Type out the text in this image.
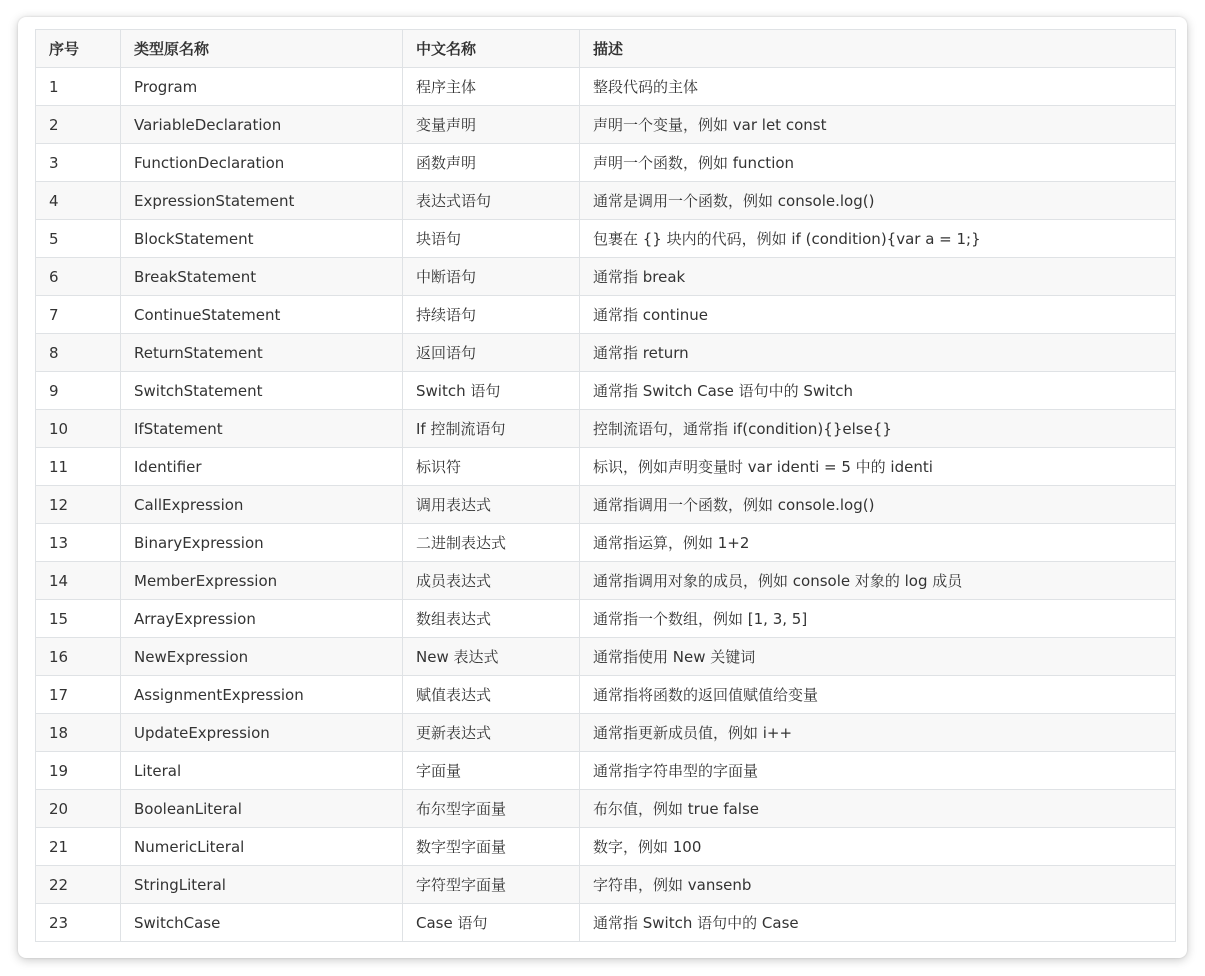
序号	类型原名称	中文名称	描述
1	Program	程序主体	整段代码的主体
2	VariableDeclaration	变量声明	声明一个变量，例如 var let const
3	FunctionDeclaration	函数声明	声明一个函数，例如 function
4	ExpressionStatement	表达式语句	通常是调用一个函数，例如 console.log()
5	BlockStatement	块语句	包裹在 {} 块内的代码，例如 if (condition){var a = 1;}
6	BreakStatement	中断语句	通常指 break
7	ContinueStatement	持续语句	通常指 continue
8	ReturnStatement	返回语句	通常指 return
9	SwitchStatement	Switch 语句	通常指 Switch Case 语句中的 Switch
10	IfStatement	If 控制流语句	控制流语句，通常指 if(condition){}else{}
11	Identifier	标识符	标识，例如声明变量时 var identi = 5 中的 identi
12	CallExpression	调用表达式	通常指调用一个函数，例如 console.log()
13	BinaryExpression	二进制表达式	通常指运算，例如 1+2
14	MemberExpression	成员表达式	通常指调用对象的成员，例如 console 对象的 log 成员
15	ArrayExpression	数组表达式	通常指一个数组，例如 [1, 3, 5]
16	NewExpression	New 表达式	通常指使用 New 关键词
17	AssignmentExpression	赋值表达式	通常指将函数的返回值赋值给变量
18	UpdateExpression	更新表达式	通常指更新成员值，例如 i++
19	Literal	字面量	通常指字符串型的字面量
20	BooleanLiteral	布尔型字面量	布尔值，例如 true false
21	NumericLiteral	数字型字面量	数字，例如 100
22	StringLiteral	字符型字面量	字符串，例如 vansenb
23	SwitchCase	Case 语句	通常指 Switch 语句中的 Case
